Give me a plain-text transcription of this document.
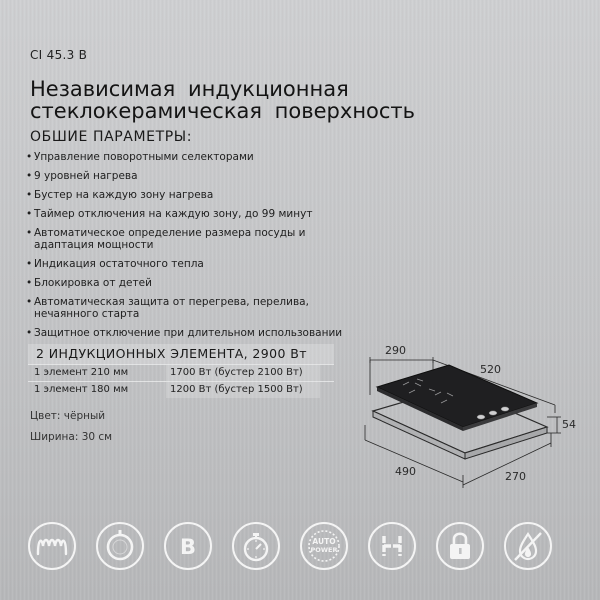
CI 45.3 B
Независимая индукционная
стеклокерамическая поверхность
ОБШИЕ ПАРАМЕТРЫ:
• Управление поворотными селекторами
• 9 уровней нагрева
• Бустер на каждую зону нагрева
• Таймер отключения на каждую зону, до 99 минут
• Автоматическое определение размера посуды и адаптация мощности
• Индикация остаточного тепла
• Блокировка от детей
• Автоматическая защита от перегрева, перелива, нечаянного старта
• Защитное отключение при длительном использовании
2 ИНДУКЦИОННЫХ ЭЛЕМЕНТА, 2900 Вт
1 элемент 210 мм	1700 Вт (бустер 2100 Вт)
1 элемент 180 мм	1200 Вт (бустер 1500 Вт)
Цвет: чёрный
Ширина: 30 см
290
520
54
490	270
B	AUTO
POWER
